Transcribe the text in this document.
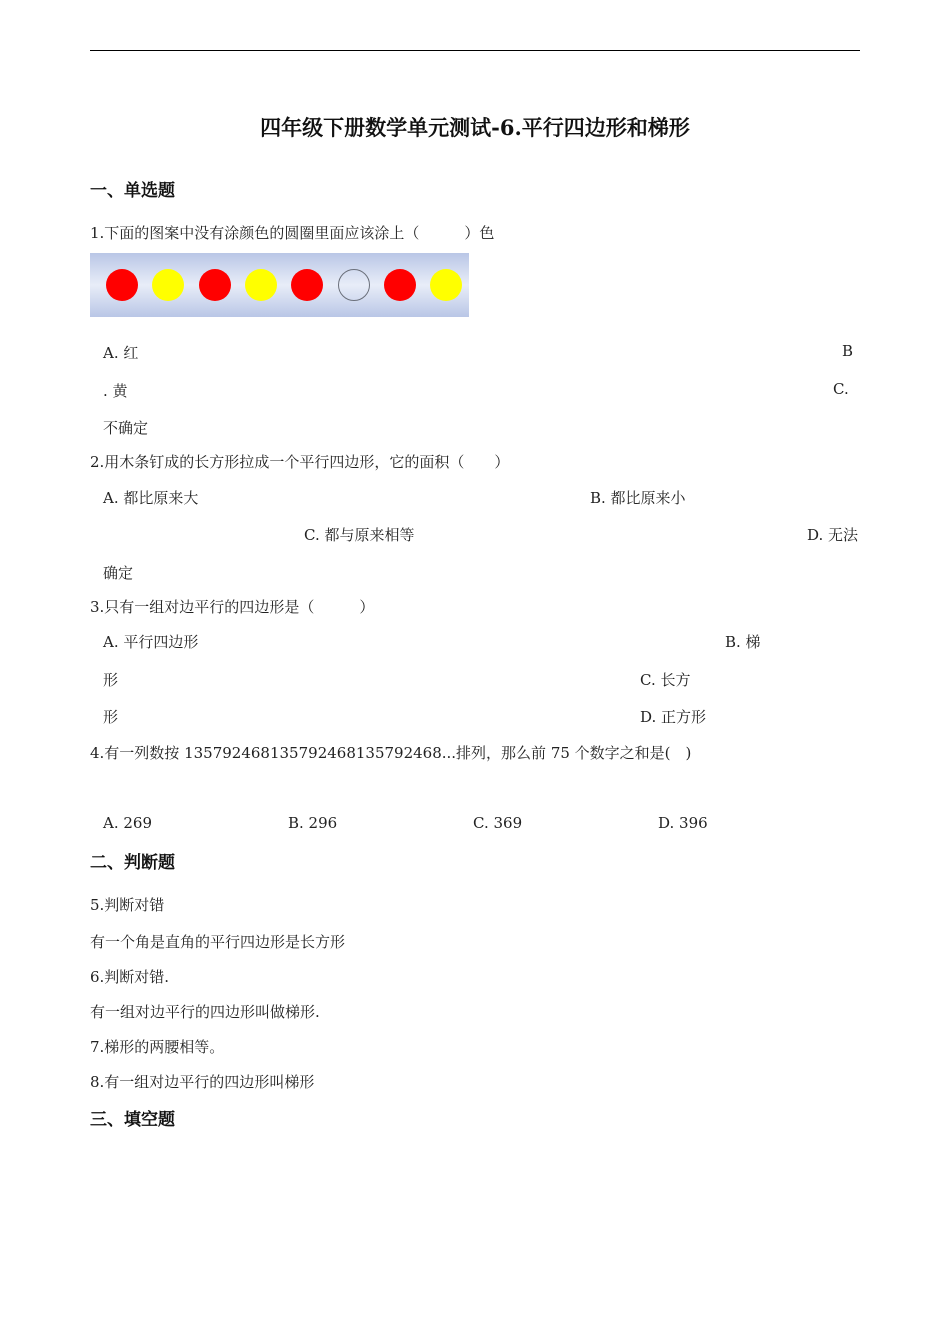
四年级下册数学单元测试-6.平行四边形和梯形
一、单选题
1.下面的图案中没有涂颜色的圆圈里面应该涂上（　　　）色
A. 红	B
. 黄	C.
不确定
2.用木条钉成的长方形拉成一个平行四边形，它的面积（　　）
A. 都比原来大	B. 都比原来小
C. 都与原来相等	D. 无法
确定
3.只有一组对边平行的四边形是（　　　）
A. 平行四边形	B. 梯
形	C. 长方
形	D. 正方形
4.有一列数按 135792468135792468135792468...排列，那么前 75 个数字之和是(　)
A. 269	B. 296	C. 369	D. 396
二、判断题
5.判断对错
有一个角是直角的平行四边形是长方形
6.判断对错.
有一组对边平行的四边形叫做梯形.
7.梯形的两腰相等。
8.有一组对边平行的四边形叫梯形
三、填空题
